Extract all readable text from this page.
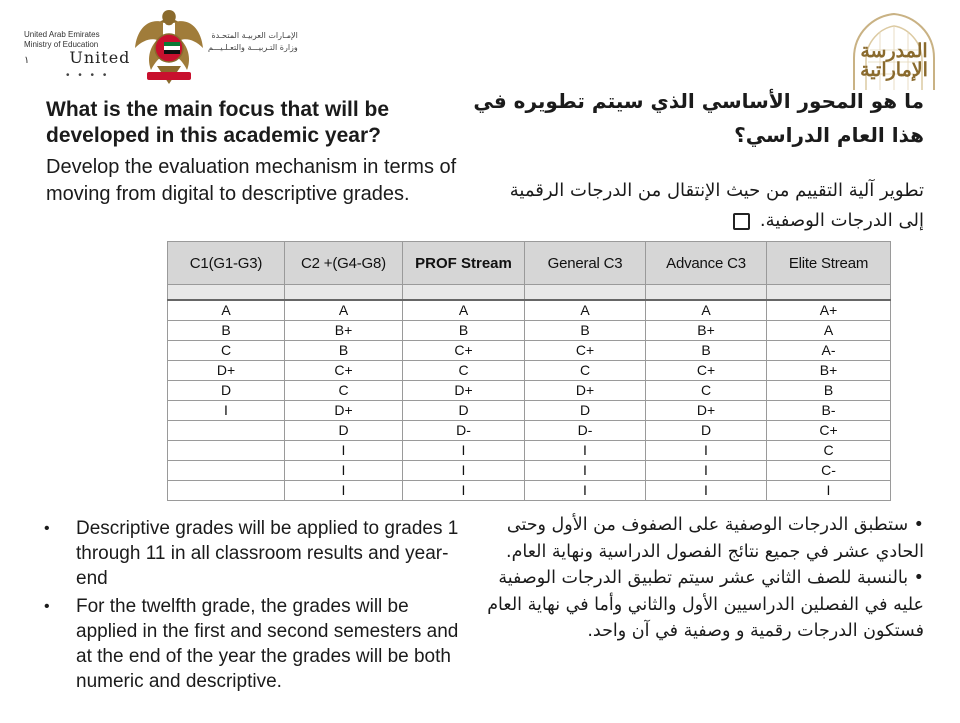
United Arab Emirates
Ministry of Education
١	United
• • • •
الإمـارات العربيـة المتحـدة
وزارة التـربيـــة والتعـلـيـــم	المدرسة الإماراتية
What is the main focus that will be developed in this academic year?
Develop the evaluation mechanism in terms of moving from digital to descriptive grades.
ما هو المحور الأساسي الذي سيتم تطويره في هذا العام الدراسي؟
تطوير آلية التقييم من حيث الإنتقال من الدرجات الرقمية إلى الدرجات الوصفية.
C1(G1-G3)	C2 +(G4-G8)	PROF Stream	General C3	Advance C3	Elite Stream

A	A	A	A	A	A+
B	B+	B	B	B+	A
C	B	C+	C+	B	A-
D+	C+	C	C	C+	B+
D	C	D+	D+	C	B
I	D+	D	D	D+	B-
	D	D-	D-	D	C+
	I	I	I	I	C
	I	I	I	I	C-
	I	I	I	I	I
• Descriptive grades will be applied to grades 1 through 11 in all classroom results and year-end
• For the twelfth grade, the grades will be applied in the first and second semesters and at the end of the year the grades will be both numeric and descriptive.
• ستطبق الدرجات الوصفية على الصفوف من الأول وحتى الحادي عشر في جميع نتائج الفصول الدراسية ونهاية العام.
• بالنسبة للصف الثاني عشر سيتم تطبيق الدرجات الوصفية عليه في الفصلين الدراسيين الأول والثاني وأما في نهاية العام فستكون الدرجات رقمية و وصفية في آن واحد.
